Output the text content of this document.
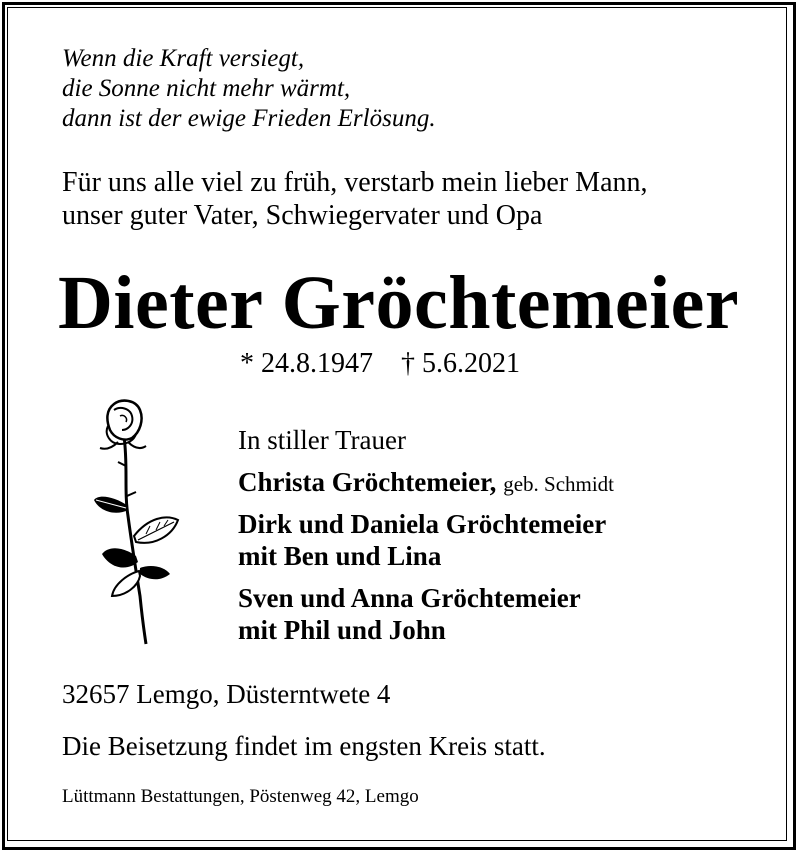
Wenn die Kraft versiegt,
die Sonne nicht mehr wärmt,
dann ist der ewige Frieden Erlösung.
Für uns alle viel zu früh, verstarb mein lieber Mann,
unser guter Vater, Schwiegervater und Opa
Dieter Gröchtemeier
* 24.8.1947 † 5.6.2021
In stiller Trauer
Christa Gröchtemeier, geb. Schmidt
Dirk und Daniela Gröchtemeier
mit Ben und Lina
Sven und Anna Gröchtemeier
mit Phil und John
32657 Lemgo, Düsterntwete 4
Die Beisetzung findet im engsten Kreis statt.
Lüttmann Bestattungen, Pöstenweg 42, Lemgo
